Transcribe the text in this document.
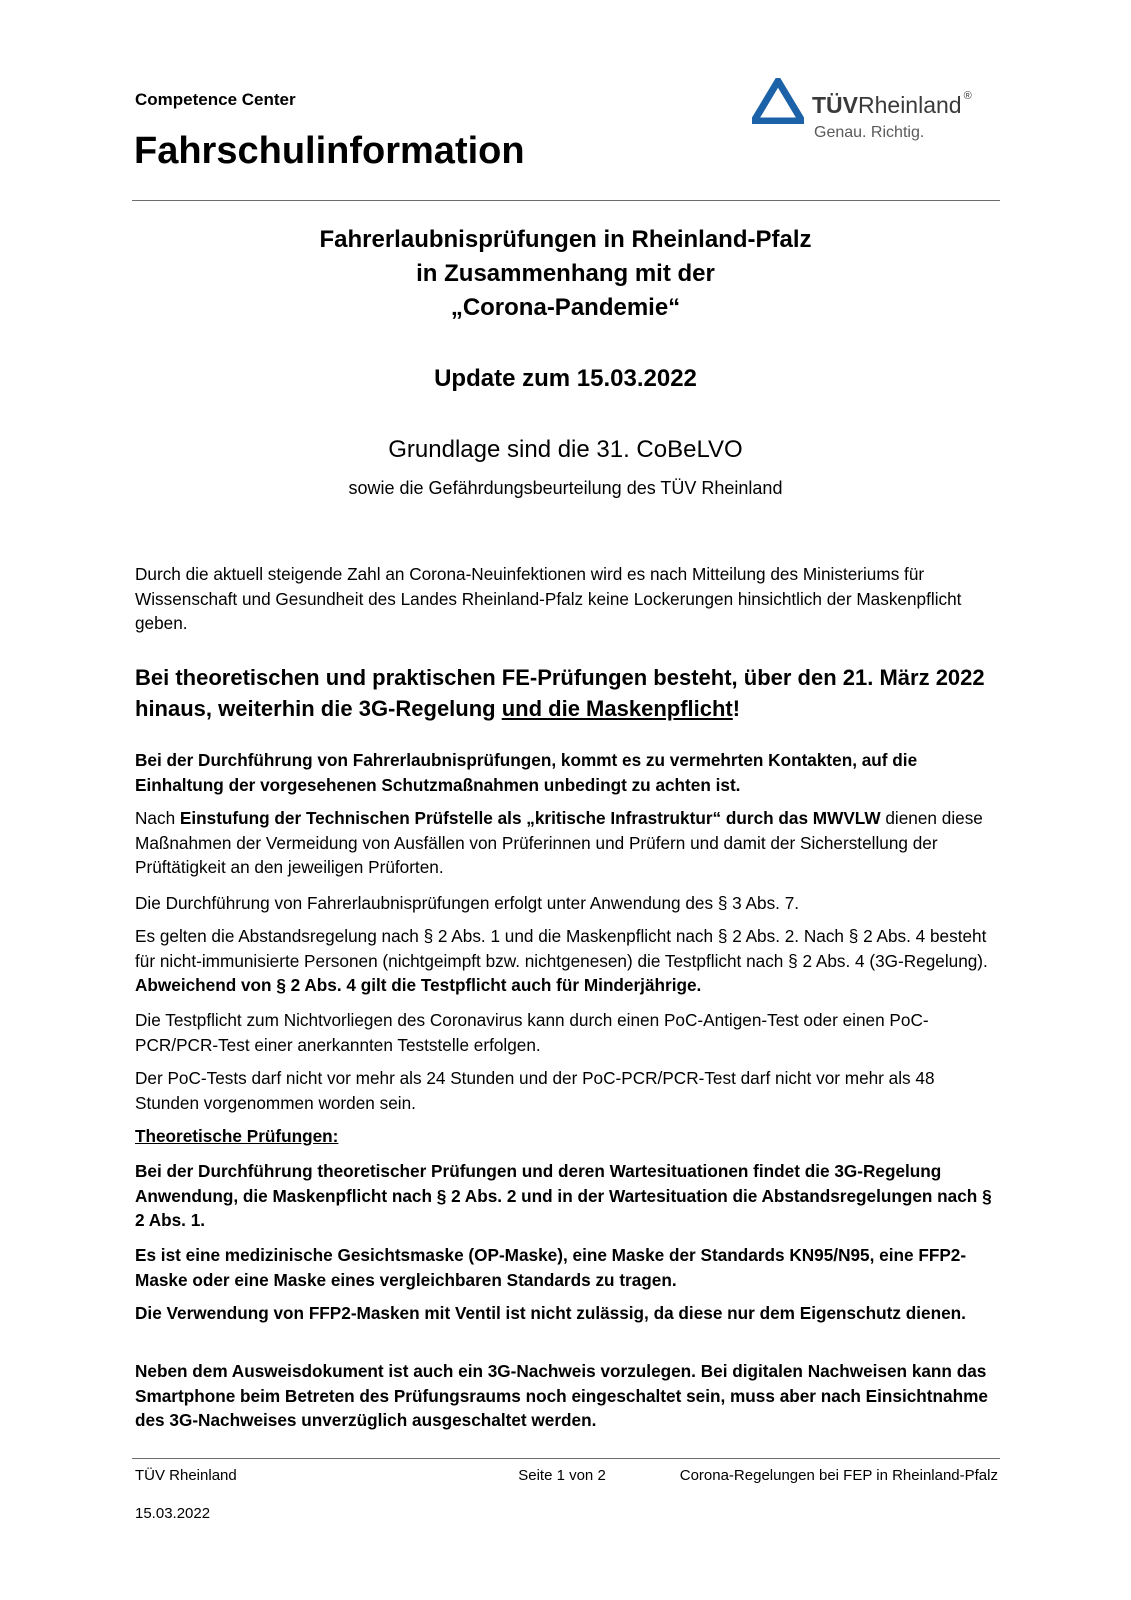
Competence Center
Fahrschulinformation
TÜVRheinland ®
Genau. Richtig.
Fahrerlaubnisprüfungen in Rheinland-Pfalz
in Zusammenhang mit der
„Corona-Pandemie“
Update zum 15.03.2022
Grundlage sind die 31. CoBeLVO
sowie die Gefährdungsbeurteilung des TÜV Rheinland
Durch die aktuell steigende Zahl an Corona-Neuinfektionen wird es nach Mitteilung des Ministeriums für Wissenschaft und Gesundheit des Landes Rheinland-Pfalz keine Lockerungen hinsichtlich der Maskenpflicht geben.
Bei theoretischen und praktischen FE-Prüfungen besteht, über den 21. März 2022 hinaus, weiterhin die 3G-Regelung und die Maskenpflicht!
Bei der Durchführung von Fahrerlaubnisprüfungen, kommt es zu vermehrten Kontakten, auf die Einhaltung der vorgesehenen Schutzmaßnahmen unbedingt zu achten ist.
Nach Einstufung der Technischen Prüfstelle als „kritische Infrastruktur“ durch das MWVLW dienen diese Maßnahmen der Vermeidung von Ausfällen von Prüferinnen und Prüfern und damit der Sicherstellung der Prüftätigkeit an den jeweiligen Prüforten.
Die Durchführung von Fahrerlaubnisprüfungen erfolgt unter Anwendung des § 3 Abs. 7.
Es gelten die Abstandsregelung nach § 2 Abs. 1 und die Maskenpflicht nach § 2 Abs. 2. Nach § 2 Abs. 4 besteht für nicht-immunisierte Personen (nichtgeimpft bzw. nichtgenesen) die Testpflicht nach § 2 Abs. 4 (3G-Regelung). Abweichend von § 2 Abs. 4 gilt die Testpflicht auch für Minderjährige.
Die Testpflicht zum Nichtvorliegen des Coronavirus kann durch einen PoC-Antigen-Test oder einen PoC-PCR/PCR-Test einer anerkannten Teststelle erfolgen.
Der PoC-Tests darf nicht vor mehr als 24 Stunden und der PoC-PCR/PCR-Test darf nicht vor mehr als 48 Stunden vorgenommen worden sein.
Theoretische Prüfungen:
Bei der Durchführung theoretischer Prüfungen und deren Wartesituationen findet die 3G-Regelung Anwendung, die Maskenpflicht nach § 2 Abs. 2 und in der Wartesituation die Abstandsregelungen nach § 2 Abs. 1.
Es ist eine medizinische Gesichtsmaske (OP-Maske), eine Maske der Standards KN95/N95, eine FFP2-Maske oder eine Maske eines vergleichbaren Standards zu tragen.
Die Verwendung von FFP2-Masken mit Ventil ist nicht zulässig, da diese nur dem Eigenschutz dienen.
Neben dem Ausweisdokument ist auch ein 3G-Nachweis vorzulegen. Bei digitalen Nachweisen kann das Smartphone beim Betreten des Prüfungsraums noch eingeschaltet sein, muss aber nach Einsichtnahme des 3G-Nachweises unverzüglich ausgeschaltet werden.
TÜV Rheinland	Seite 1 von 2	Corona-Regelungen bei FEP in Rheinland-Pfalz
15.03.2022
